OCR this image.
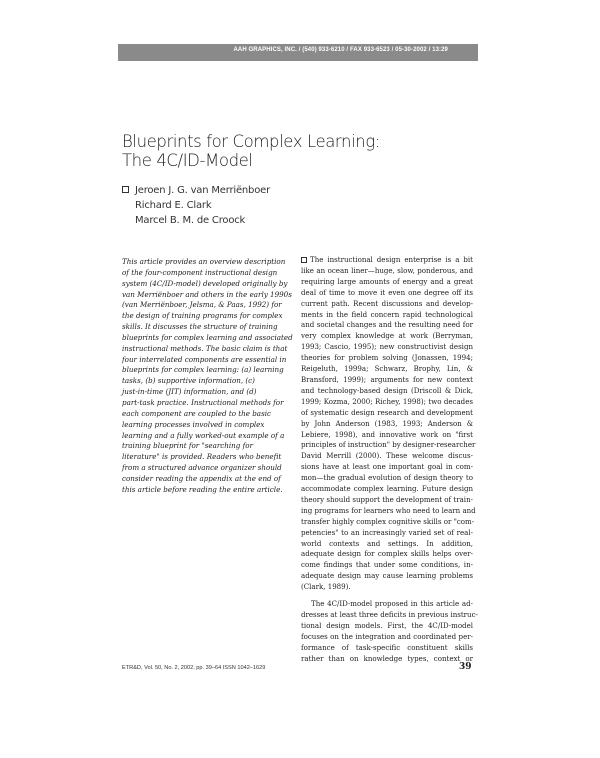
AAH GRAPHICS, INC. / (540) 933-6210 / FAX 933-6523 / 05-30-2002 / 13:29
Blueprints for Complex Learning:
The 4C/ID-Model
Jeroen J. G. van Merriënboer
Richard E. Clark
Marcel B. M. de Croock
This article provides an overview description
of the four-component instructional design
system (4C/ID-model) developed originally by
van Merriënboer and others in the early 1990s
(van Merriënboer, Jelsma, & Paas, 1992) for
the design of training programs for complex
skills. It discusses the structure of training
blueprints for complex learning and associated
instructional methods. The basic claim is that
four interrelated components are essential in
blueprints for complex learning: (a) learning
tasks, (b) supportive information, (c)
just-in-time (JIT) information, and (d)
part-task practice. Instructional methods for
each component are coupled to the basic
learning processes involved in complex
learning and a fully worked-out example of a
training blueprint for "searching for
literature" is provided. Readers who benefit
from a structured advance organizer should
consider reading the appendix at the end of
this article before reading the entire article.
The instructional design enterprise is a bit
like an ocean liner—huge, slow, ponderous, and
requiring large amounts of energy and a great
deal of time to move it even one degree off its
current path. Recent discussions and develop-
ments in the field concern rapid technological
and societal changes and the resulting need for
very complex knowledge at work (Berryman,
1993; Cascio, 1995); new constructivist design
theories for problem solving (Jonassen, 1994;
Reigeluth, 1999a; Schwarz, Brophy, Lin, &
Bransford, 1999); arguments for new context
and technology-based design (Driscoll & Dick,
1999; Kozma, 2000; Richey, 1998); two decades
of systematic design research and development
by John Anderson (1983, 1993; Anderson &
Lebiere, 1998), and innovative work on "first
principles of instruction" by designer-researcher
David Merrill (2000). These welcome discus-
sions have at least one important goal in com-
mon—the gradual evolution of design theory to
accommodate complex learning. Future design
theory should support the development of train-
ing programs for learners who need to learn and
transfer highly complex cognitive skills or "com-
petencies" to an increasingly varied set of real-
world contexts and settings. In addition,
adequate design for complex skills helps over-
come findings that under some conditions, in-
adequate design may cause learning problems
(Clark, 1989).
The 4C/ID-model proposed in this article ad-
dresses at least three deficits in previous instruc-
tional design models. First, the 4C/ID-model
focuses on the integration and coordinated per-
formance of task-specific constituent skills
rather than on knowledge types, context or
ETR&D, Vol. 50, No. 2, 2002, pp. 39–64 ISSN 1042–1629	39
